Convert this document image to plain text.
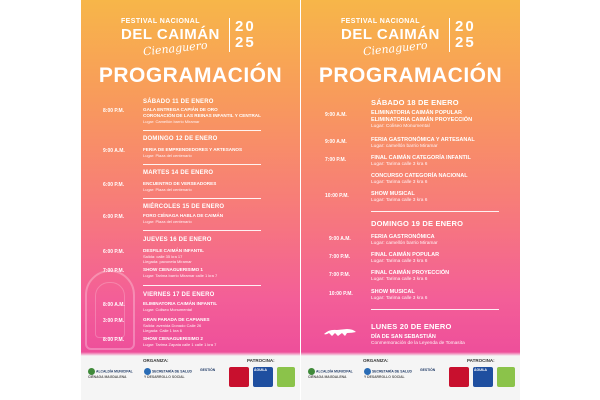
FESTIVAL NACIONAL
DEL CAIMÁN
Cienaguero
20
25
PROGRAMACIÓN
SÁBADO 11 DE ENERO
8:00 P.M.	GALA ENTREGA CAPIÁN DE ORO
CORONACIÓN DE LAS REINAS INFANTIL Y CENTRAL
Lugar: Camellón barrio Miramar
DOMINGO 12 DE ENERO
9:00 A.M.	FERIA DE EMPRENDEDORES Y ARTESANOS
Lugar: Plaza del centenario
MARTES 14 DE ENERO
6:00 P.M.	ENCUENTRO DE VERSEADORES
Lugar: Plaza del centenario
MIÉRCOLES 15 DE ENERO
6:00 P.M.	FORO CIÉNAGA HABLA DE CAIMÁN
Lugar: Plaza del centenario
JUEVES 16 DE ENERO
6:00 P.M.	DESFILE CAIMÁN INFANTIL
Salida: calle 35 kra 17
Llegada: pavoneta Miramar
7:00 P.M.	SHOW CIENAGUERISIMO 1
Lugar: Tarima barrio Miramar calle 1 kra 7
VIERNES 17 DE ENERO
8:00 A.M.	ELIMINATORIA CAIMÁN INFANTIL
Lugar: Coliseo Monumental
3:00 P.M.	GRAN PARADA DE CAPIANES
Salida: avenida Donado Calle 26
Llegada: Calle 1 kra 6
8:00 P.M.	SHOW CIENAGUERISIMO 2
Lugar: Tarima Zapata calle 1 calle 1 kra 7
ORGANIZA:	PATROCINA:
ALCALDÍA MUNICIPAL
CIÉNAGA MAGDALENA
SECRETARÍA DE SALUD
Y DESARROLLO SOCIAL
GESTIÓN	ÁGUILA
FESTIVAL NACIONAL
DEL CAIMÁN
Cienaguero
20
25
PROGRAMACIÓN
SÁBADO 18 DE ENERO
9:00 A.M.	ELIMINATORIA CAIMÁN POPULAR
ELIMINATORIA CAIMÁN PROYECCIÓN
Lugar: Coliseo Monumental
9:00 A.M.	FERIA GASTRONÓMICA Y ARTESANAL
Lugar: camellón barrio Miramar
7:00 P.M.	FINAL CAIMÁN CATEGORÍA INFANTIL
Lugar: Tarima calle 3 kra 6
CONCURSO CATEGORÍA NACIONAL
Lugar: Tarima calle 3 kra 6
10:00 P.M.	SHOW MUSICAL
Lugar: Tarima calle 3 kra 6
DOMINGO 19 DE ENERO
9:00 A.M.	FERIA GASTRONÓMICA
Lugar: camellón barrio Miramar
7:00 P.M.	FINAL CAIMÁN POPULAR
Lugar: Tarima calle 3 kra 6
7:00 P.M.	FINAL CAIMÁN PROYECCIÓN
Lugar: Tarima calle 3 kra 6
10:00 P.M.	SHOW MUSICAL
Lugar: Tarima calle 3 kra 6
LUNES 20 DE ENERO
DÍA DE SAN SEBASTIÁN
Conmemoración de la Leyenda de Tomasita
ORGANIZA:	PATROCINA:
ALCALDÍA MUNICIPAL
CIÉNAGA MAGDALENA
SECRETARÍA DE SALUD
Y DESARROLLO SOCIAL
GESTIÓN	ÁGUILA
